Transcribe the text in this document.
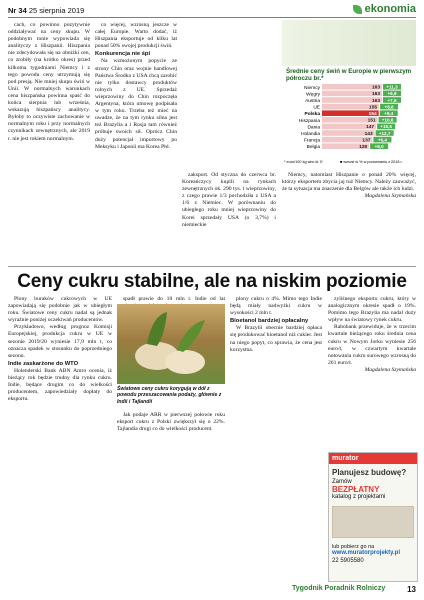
Nr 34 25 sierpnia 2019	ekonomia

cach, co powinno pozytywnie oddziaływać na ceny skupu. W podobnym tonie wypowiada się analityczy z Hiszpanii. Hiszpania nie zdecydowała się na obniżki cen, co zrobiły (na krótko okres) przed kilkoma tygodniami Niemcy i z tego powodu ceny utrzymują się pod presją. Nie mniej skupu świń w Unii. W normalnych warunkach cena hiszpańska powinna spaść do końca sierpnia lub września, wskazują hiszpańscy analitycy. Byłoby to oczywiste zachowanie w normalnym roku i przy normalnych czynnikach zewnętrznych, ale 2019 r. nie jest rokiem normalnym.

co więcej, wzrosną jeszcze w całej Europie. Warto dodać, iż Hiszpania eksportuje od kilku lat ponad 50% swojej produkcji świń.

Konkurencja nie śpi

Na wzmożonym popycie ze strony Chin oraz wojnie handlowej Państwa Środka z USA chcą zarobić nie tylko dostawcy produktów rolnych z UE. Sprzedaż wieprzowiny do Chin rozpoczęła Argentyna, która umowę podpisała w tym roku. Trzeba też mieć na uwadze, że na tym rynku silna jest też Brazylia a i Rosja tam również próbuje swoich sił. Oprócz Chin duży potencjał importowy po Meksyku i Japonii ma Korea Płd.

zaksport. Od styczna do czerwca br. Koreańczycy kupili na rynkach zewnętrznych ok. 290 tys. t wieprzowiny, z czego prawie 1/3 pochodziła z USA a 1/6 z Niemiec. W porównaniu do ubiegłego roku mniej wieprzowiny do Korei sprzedały USA (o 3,7%) i niemieckie

Niemcy, natomiast Hiszpanie o ponad 20% więcej, którzy eksportem zbycia jaj tuż Niemcy. Należy zauważyć, że ta sytuacja ma znaczenie dla Belgów ale także ich ludzi.

Magdalena Szymańska

Średnie ceny świń w Europie w pierwszym półroczu br.*
Niemcy	163 +11,3
Węgry	163 +6,8
Austria	163 +7,6
UE	155 +8,6
Polska	154 +9,4
Hiszpania	151 +10,6
Dania	147 +15,5
Holandia	143 +12,7
Francja	137 +6,4
Belgia	128 +8,0
* euro/100 kg wbc kl. E	■ wzrost w % w porównaniu z 2018 r.
Ceny cukru stabilne, ale na niskim poziomie

Plony buraków cukrowych w UE zapowiadają się podobnie jak w ubiegłym roku. Światowe ceny cukru nadal są jednak wyraźnie poniżej oczekiwań producentów.

Przykładowo, według prognoz Komisji Europejskiej, produkcja cukru w UE w sezonie 2019/20 wyniesie 17,9 mln t, co oznacza spadek w stosunku do poprzedniego sezonu.

Indie zaskarżone do WTO

Holenderski Bank ABN Amro ocenia, iż bieżący rok będzie trudny dla rynku cukru. Indie, będące drugim co do wielkości producentem, zapowiedziały dopłaty do eksportu.

spadł prawie do 10 mln t. Indie od lat

Światowe ceny cukru korygują w dół z powodu przeszacowania podaży, głównie z Indii i Tajlandii

Jak podaje ARR w pierwszej połowie roku eksport cukru z Polski zwiększył się o 22%. Tajlandia drugi co do wielkości producent.

plony cukru o 4%. Mimo tego Indie będą miały nadwyżki cukru w wysokości 2 mln t.

Bioetanol bardziej opłacalny

W Brazylii obecnie bardziej opłaca się produkować bioetanol niż cukier. Jest na niego popyt, co sprawia, że cena jest korzystna.

zyliśnego eksportu cukru, który w analogicznym okresie spadł o 19%. Pomimo tego Brazylia ma nadal duży wpływ na światowy rynek cukru.

Rabobank przewiduje, że w trzecim kwartale bieżącego roku średnia cena cukru w Nowym Jorku wyniesie 256 euro/t, w czwartym kwartale notowania cukru surowego wzrosną do 261 euro/t.

Magdalena Szymańska

murator
Planujesz budowę?
Zamów
BEZPŁATNY
katalog z projektami
lub pobierz go na
www.muratorprojekty.pl
22 5905580
Tygodnik Poradnik Rolniczy	13
